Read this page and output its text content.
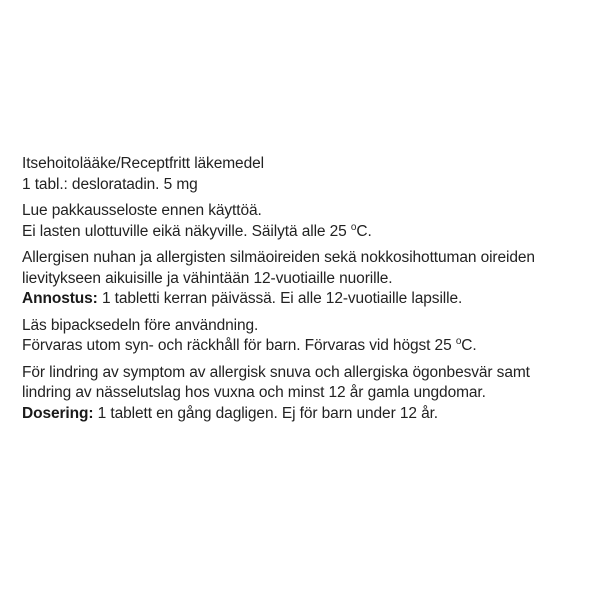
Itsehoitolääke/Receptfritt läkemedel
1 tabl.: desloratadin. 5 mg
Lue pakkausseloste ennen käyttöä.
Ei lasten ulottuville eikä näkyville. Säilytä alle 25 $^o$C.
Allergisen nuhan ja allergisten silmäoireiden sekä nokkosihottuman oireiden
lievitykseen aikuisille ja vähintään 12-vuotiaille nuorille.
Annostus: 1 tabletti kerran päivässä. Ei alle 12-vuotiaille lapsille.
Läs bipacksedeln före användning.
Förvaras utom syn- och räckhåll för barn. Förvaras vid högst 25 $^o$C.
För lindring av symptom av allergisk snuva och allergiska ögonbesvär samt
lindring av nässelutslag hos vuxna och minst 12 år gamla ungdomar.
Dosering: 1 tablett en gång dagligen. Ej för barn under 12 år.
